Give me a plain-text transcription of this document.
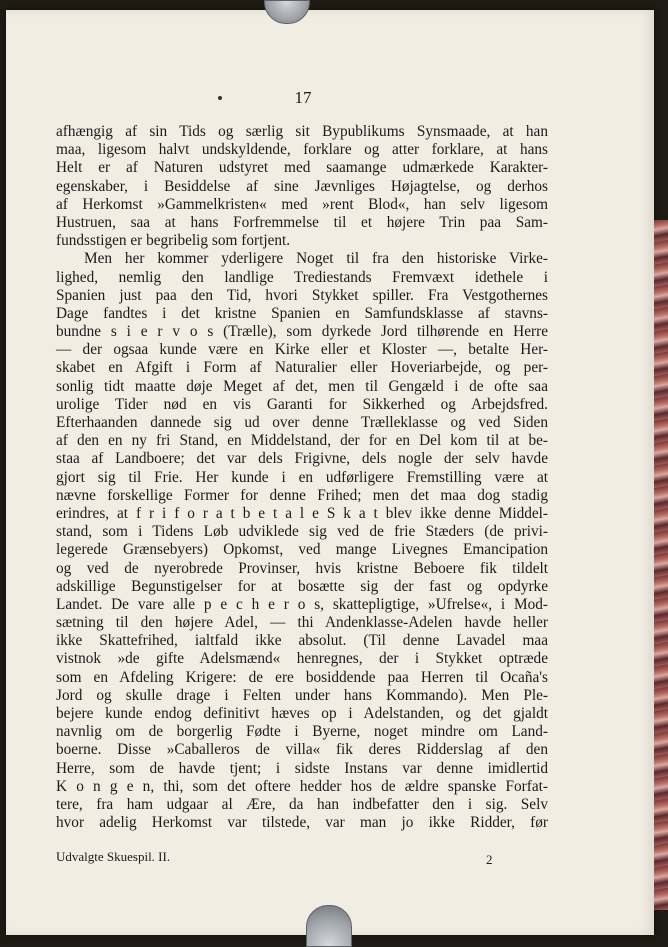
17
afhængig af sin Tids og særlig sit Bypublikums Synsmaade, at han
maa, ligesom halvt undskyldende, forklare og atter forklare, at hans
Helt er af Naturen udstyret med saamange udmærkede Karakter-
egenskaber, i Besiddelse af sine Jævnliges Højagtelse, og derhos
af Herkomst »Gammelkristen« med »rent Blod«, han selv ligesom
Hustruen, saa at hans Forfremmelse til et højere Trin paa Sam-
fundsstigen er begribelig som fortjent.
Men her kommer yderligere Noget til fra den historiske Virke-
lighed, nemlig den landlige Trediestands Fremvæxt idethele i
Spanien just paa den Tid, hvori Stykket spiller. Fra Vestgothernes
Dage fandtes i det kristne Spanien en Samfundsklasse af stavns-
bundne s i e r v o s (Trælle), som dyrkede Jord tilhørende en Herre
— der ogsaa kunde være en Kirke eller et Kloster —, betalte Her-
skabet en Afgift i Form af Naturalier eller Hoveriarbejde, og per-
sonlig tidt maatte døje Meget af det, men til Gengæld i de ofte saa
urolige Tider nød en vis Garanti for Sikkerhed og Arbejdsfred.
Efterhaanden dannede sig ud over denne Trælleklasse og ved Siden
af den en ny fri Stand, en Middelstand, der for en Del kom til at be-
staa af Landboere; det var dels Frigivne, dels nogle der selv havde
gjort sig til Frie. Her kunde i en udførligere Fremstilling være at
nævne forskellige Former for denne Frihed; men det maa dog stadig
erindres, at f r i f o r a t b e t a l e S k a t blev ikke denne Middel-
stand, som i Tidens Løb udviklede sig ved de frie Stæders (de privi-
legerede Grænsebyers) Opkomst, ved mange Livegnes Emancipation
og ved de nyerobrede Provinser, hvis kristne Beboere fik tildelt
adskillige Begunstigelser for at bosætte sig der fast og opdyrke
Landet. De vare alle p e c h e r o s, skattepligtige, »Ufrelse«, i Mod-
sætning til den højere Adel, — thi Andenklasse-Adelen havde heller
ikke Skattefrihed, ialtfald ikke absolut. (Til denne Lavadel maa
vistnok »de gifte Adelsmænd« henregnes, der i Stykket optræde
som en Afdeling Krigere: de ere bosiddende paa Herren til Ocaña's
Jord og skulle drage i Felten under hans Kommando). Men Ple-
bejere kunde endog definitivt hæves op i Adelstanden, og det gjaldt
navnlig om de borgerlig Fødte i Byerne, noget mindre om Land-
boerne. Disse »Caballeros de villa« fik deres Ridderslag af den
Herre, som de havde tjent; i sidste Instans var denne imidlertid
K o n g e n, thi, som det oftere hedder hos de ældre spanske Forfat-
tere, fra ham udgaar al Ære, da han indbefatter den i sig. Selv
hvor adelig Herkomst var tilstede, var man jo ikke Ridder, før
Udvalgte Skuespil. II.	2
